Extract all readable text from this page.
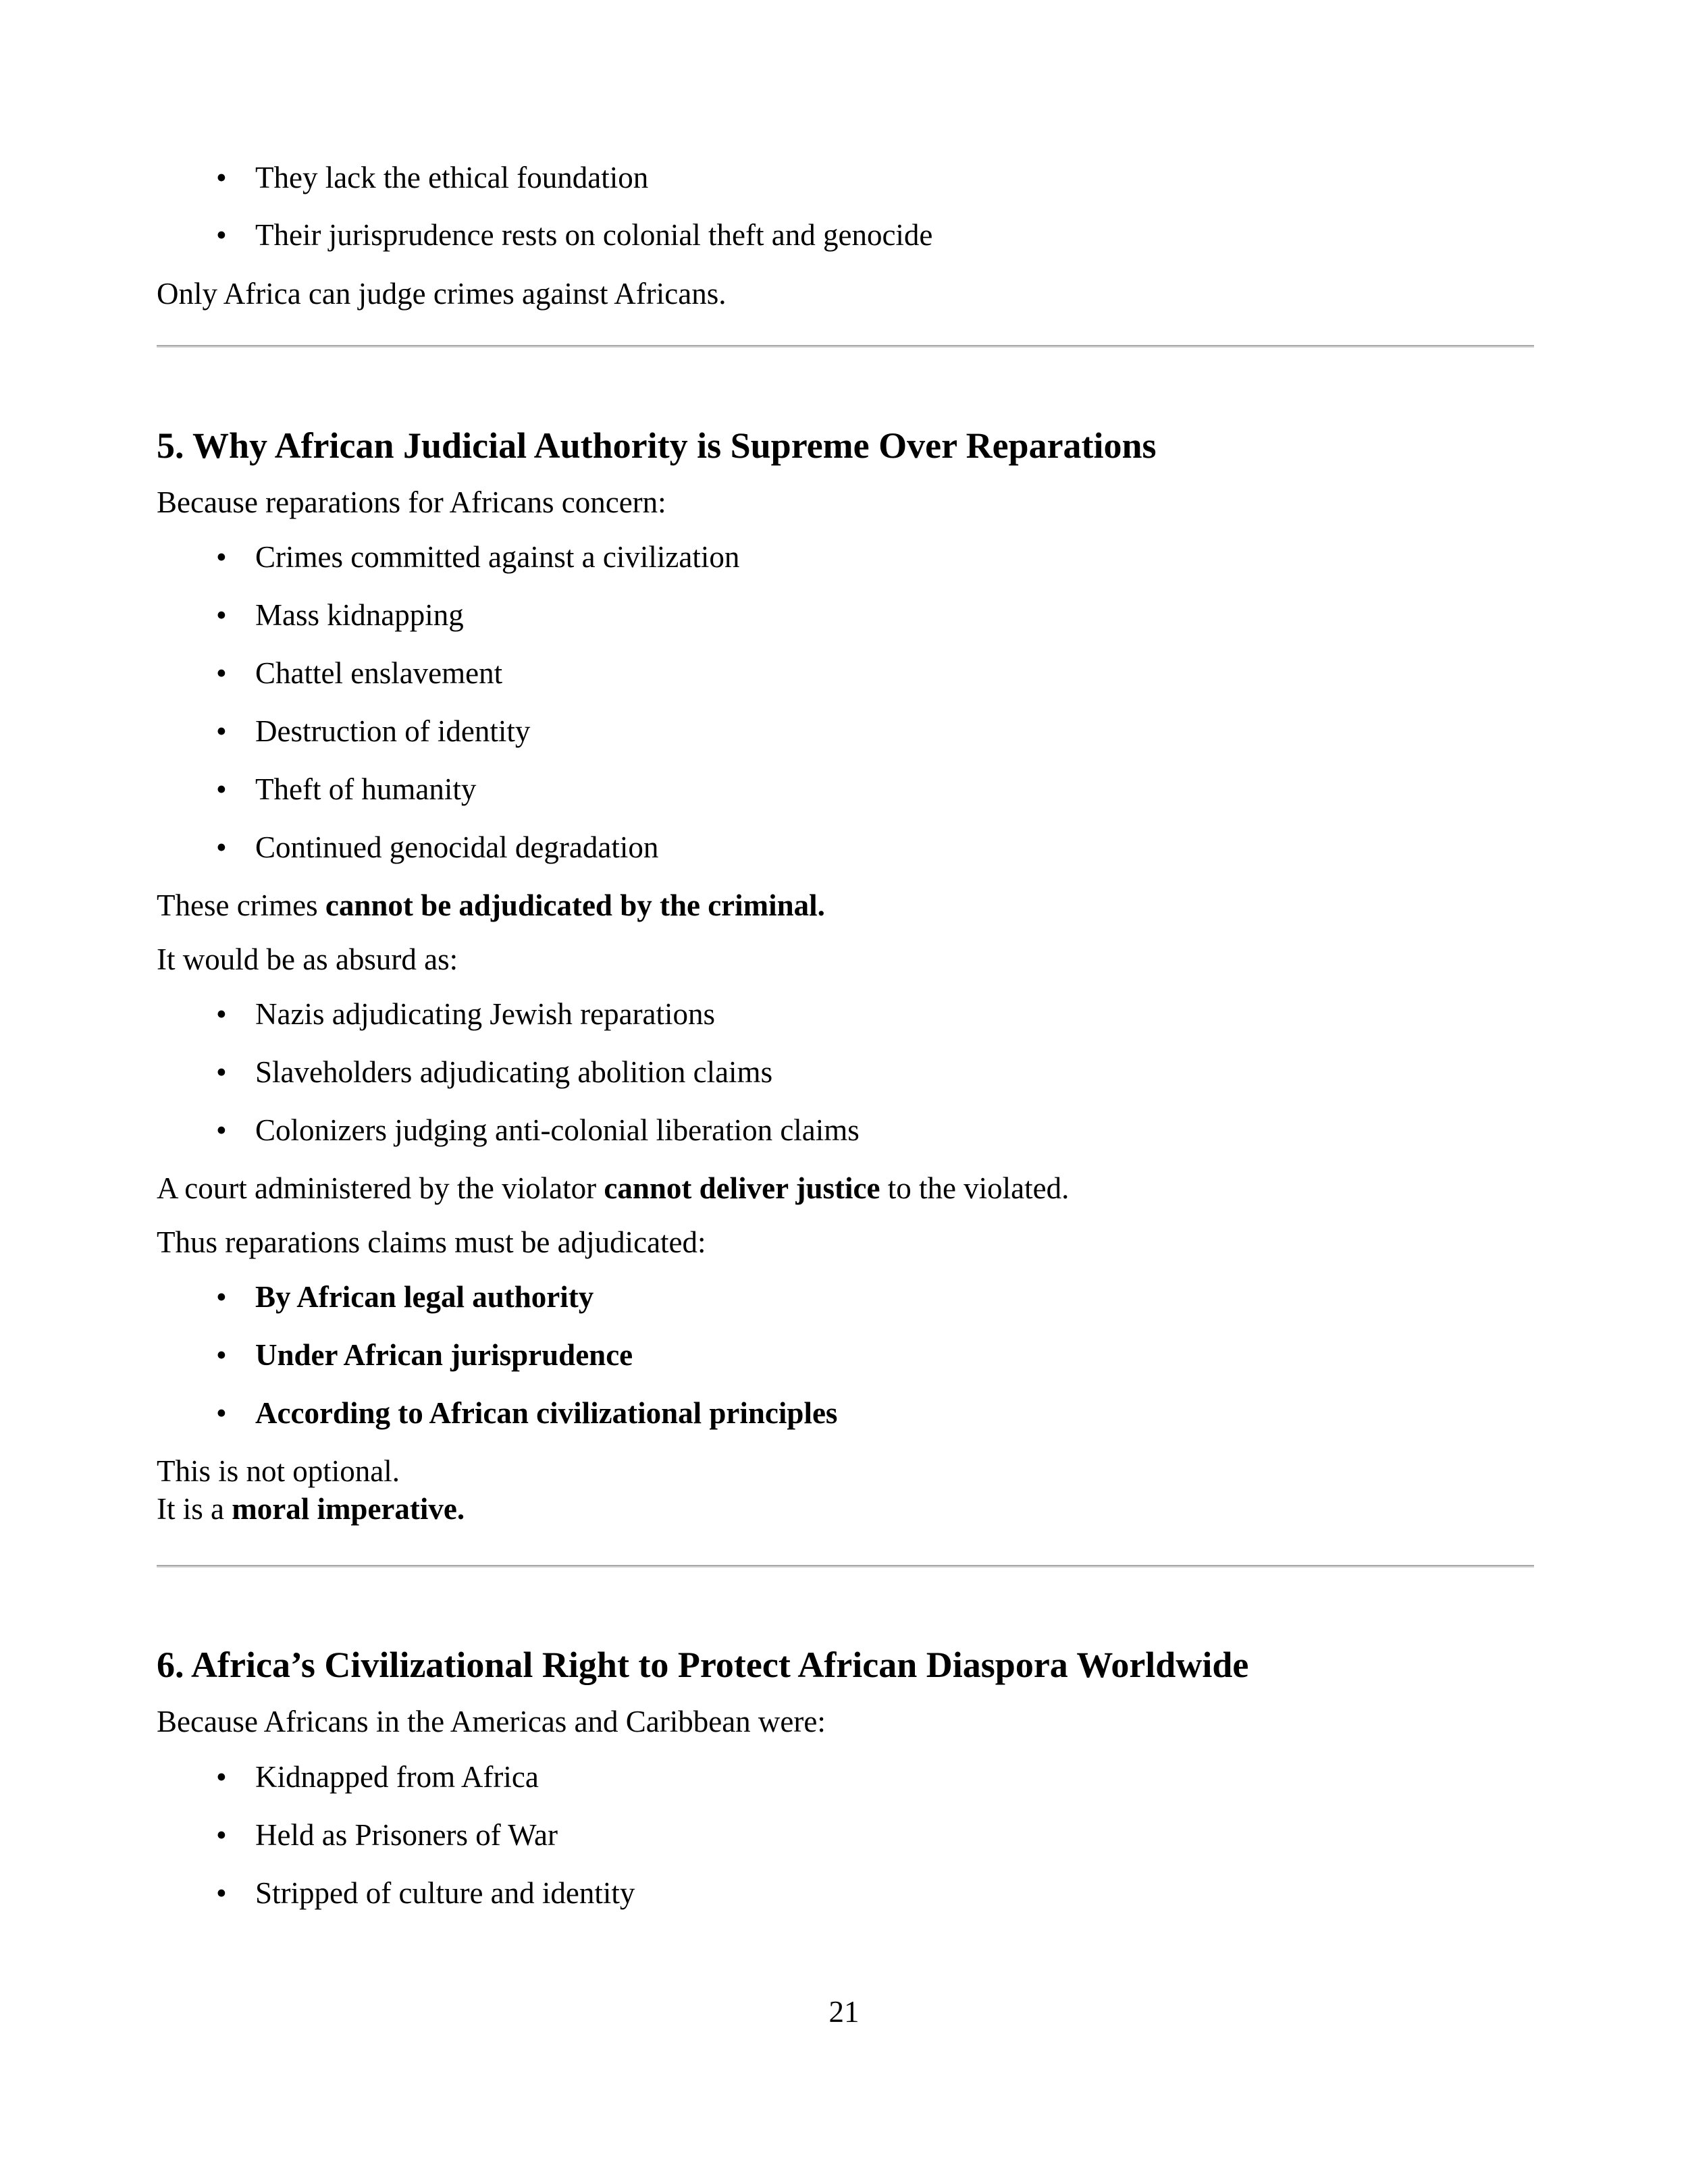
• They lack the ethical foundation
• Their jurisprudence rests on colonial theft and genocide

Only Africa can judge crimes against Africans.

5. Why African Judicial Authority is Supreme Over Reparations

Because reparations for Africans concern:

• Crimes committed against a civilization
• Mass kidnapping
• Chattel enslavement
• Destruction of identity
• Theft of humanity
• Continued genocidal degradation

These crimes cannot be adjudicated by the criminal.

It would be as absurd as:

• Nazis adjudicating Jewish reparations
• Slaveholders adjudicating abolition claims
• Colonizers judging anti-colonial liberation claims

A court administered by the violator cannot deliver justice to the violated.

Thus reparations claims must be adjudicated:

• By African legal authority
• Under African jurisprudence
• According to African civilizational principles

This is not optional.

It is a moral imperative.

6. Africa’s Civilizational Right to Protect African Diaspora Worldwide

Because Africans in the Americas and Caribbean were:

• Kidnapped from Africa
• Held as Prisoners of War
• Stripped of culture and identity

21
